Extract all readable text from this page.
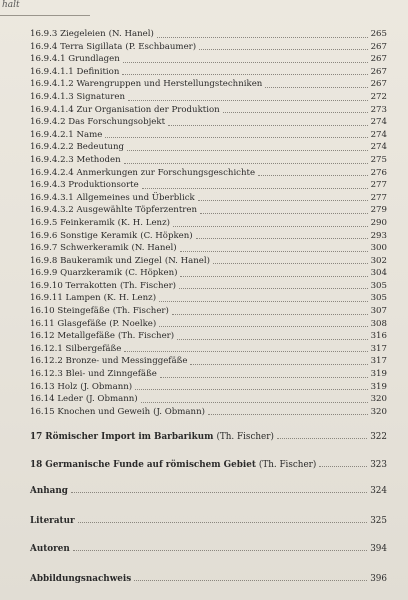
halt
16.9.3 Ziegeleien (N. Hanel)	265
16.9.4 Terra Sigillata (P. Eschbaumer)	267
16.9.4.1 Grundlagen	267
16.9.4.1.1 Definition	267
16.9.4.1.2 Warengruppen und Herstellungstechniken	267
16.9.4.1.3 Signaturen	272
16.9.4.1.4 Zur Organisation der Produktion	273
16.9.4.2 Das Forschungsobjekt	274
16.9.4.2.1 Name	274
16.9.4.2.2 Bedeutung	274
16.9.4.2.3 Methoden	275
16.9.4.2.4 Anmerkungen zur Forschungsgeschichte	276
16.9.4.3 Produktionsorte	277
16.9.4.3.1 Allgemeines und Überblick	277
16.9.4.3.2 Ausgewählte Töpferzentren	279
16.9.5 Feinkeramik (K. H. Lenz)	290
16.9.6 Sonstige Keramik (C. Höpken)	293
16.9.7 Schwerkeramik (N. Hanel)	300
16.9.8 Baukeramik und Ziegel (N. Hanel)	302
16.9.9 Quarzkeramik (C. Höpken)	304
16.9.10 Terrakotten (Th. Fischer)	305
16.9.11 Lampen (K. H. Lenz)	305
16.10 Steingefäße (Th. Fischer)	307
16.11 Glasgefäße (P. Noelke)	308
16.12 Metallgefäße (Th. Fischer)	316
16.12.1 Silbergefäße	317
16.12.2 Bronze- und Messinggefäße	317
16.12.3 Blei- und Zinngefäße	319
16.13 Holz (J. Obmann)	319
16.14 Leder (J. Obmann)	320
16.15 Knochen und Geweih (J. Obmann)	320
17 Römischer Import im Barbarikum (Th. Fischer)	322
18 Germanische Funde auf römischem Gebiet (Th. Fischer)	323
Anhang	324
Literatur	325
Autoren	394
Abbildungsnachweis	396
